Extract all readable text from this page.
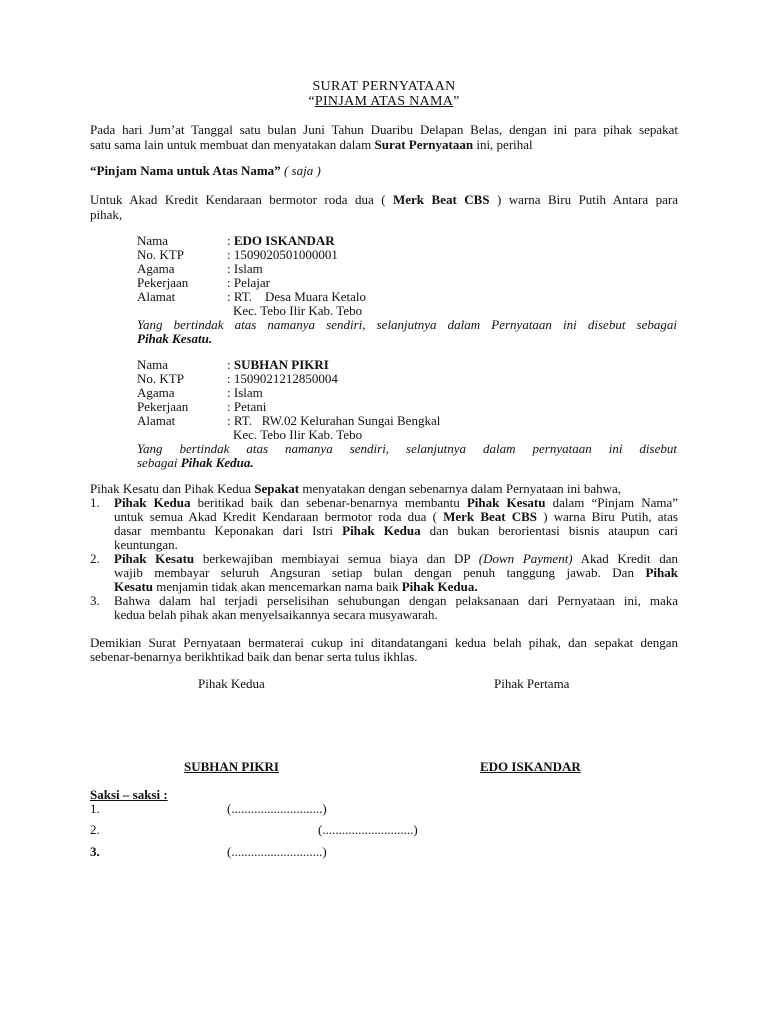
SURAT PERNYATAAN

“PINJAM ATAS NAMA”

Pada hari Jum’at Tanggal satu bulan Juni Tahun Duaribu Delapan Belas, dengan ini para pihak sepakat

satu sama lain untuk membuat dan menyatakan dalam Surat Pernyataan ini, perihal

“Pinjam Nama untuk Atas Nama” ( saja )

Untuk Akad Kredit Kendaraan bermotor roda dua ( Merk Beat CBS ) warna Biru Putih Antara para

pihak,

Nama	: EDO ISKANDAR
No. KTP	: 1509020501000001
Agama	: Islam
Pekerjaan	: Pelajar
Alamat	: RT.    Desa Muara Ketalo
Kec. Tebo Ilir Kab. Tebo

Yang bertindak atas namanya sendiri, selanjutnya dalam Pernyataan ini disebut sebagai

Pihak Kesatu.

Nama	: SUBHAN PIKRI
No. KTP	: 1509021212850004
Agama	: Islam
Pekerjaan	: Petani
Alamat	: RT.   RW.02 Kelurahan Sungai Bengkal
Kec. Tebo Ilir Kab. Tebo

Yang bertindak atas namanya sendiri, selanjutnya dalam pernyataan ini disebut

sebagai Pihak Kedua.

Pihak Kesatu dan Pihak Kedua Sepakat menyatakan dengan sebenarnya dalam Pernyataan ini bahwa,

1. Pihak Kedua beritikad baik dan sebenar-benarnya membantu Pihak Kesatu dalam “Pinjam Nama”

untuk semua Akad Kredit Kendaraan bermotor roda dua ( Merk Beat CBS ) warna Biru Putih, atas

dasar membantu Keponakan dari Istri Pihak Kedua dan bukan berorientasi bisnis ataupun cari

keuntungan.

2. Pihak Kesatu berkewajiban membiayai semua biaya dan DP (Down Payment) Akad Kredit dan

wajib membayar seluruh Angsuran setiap bulan dengan penuh tanggung jawab. Dan Pihak

Kesatu menjamin tidak akan mencemarkan nama baik Pihak Kedua.

3. Bahwa dalam hal terjadi perselisihan sehubungan dengan pelaksanaan dari Pernyataan ini, maka

kedua belah pihak akan menyelsaikannya secara musyawarah.

Demikian Surat Pernyataan bermaterai cukup ini ditandatangani kedua belah pihak, dan sepakat dengan

sebenar-benarnya berikhtikad baik dan benar serta tulus ikhlas.

Pihak Kedua	Pihak Pertama

SUBHAN PIKRI	EDO ISKANDAR

Saksi – saksi :

1.	(............................)
2.	(............................)
3.	(............................)
